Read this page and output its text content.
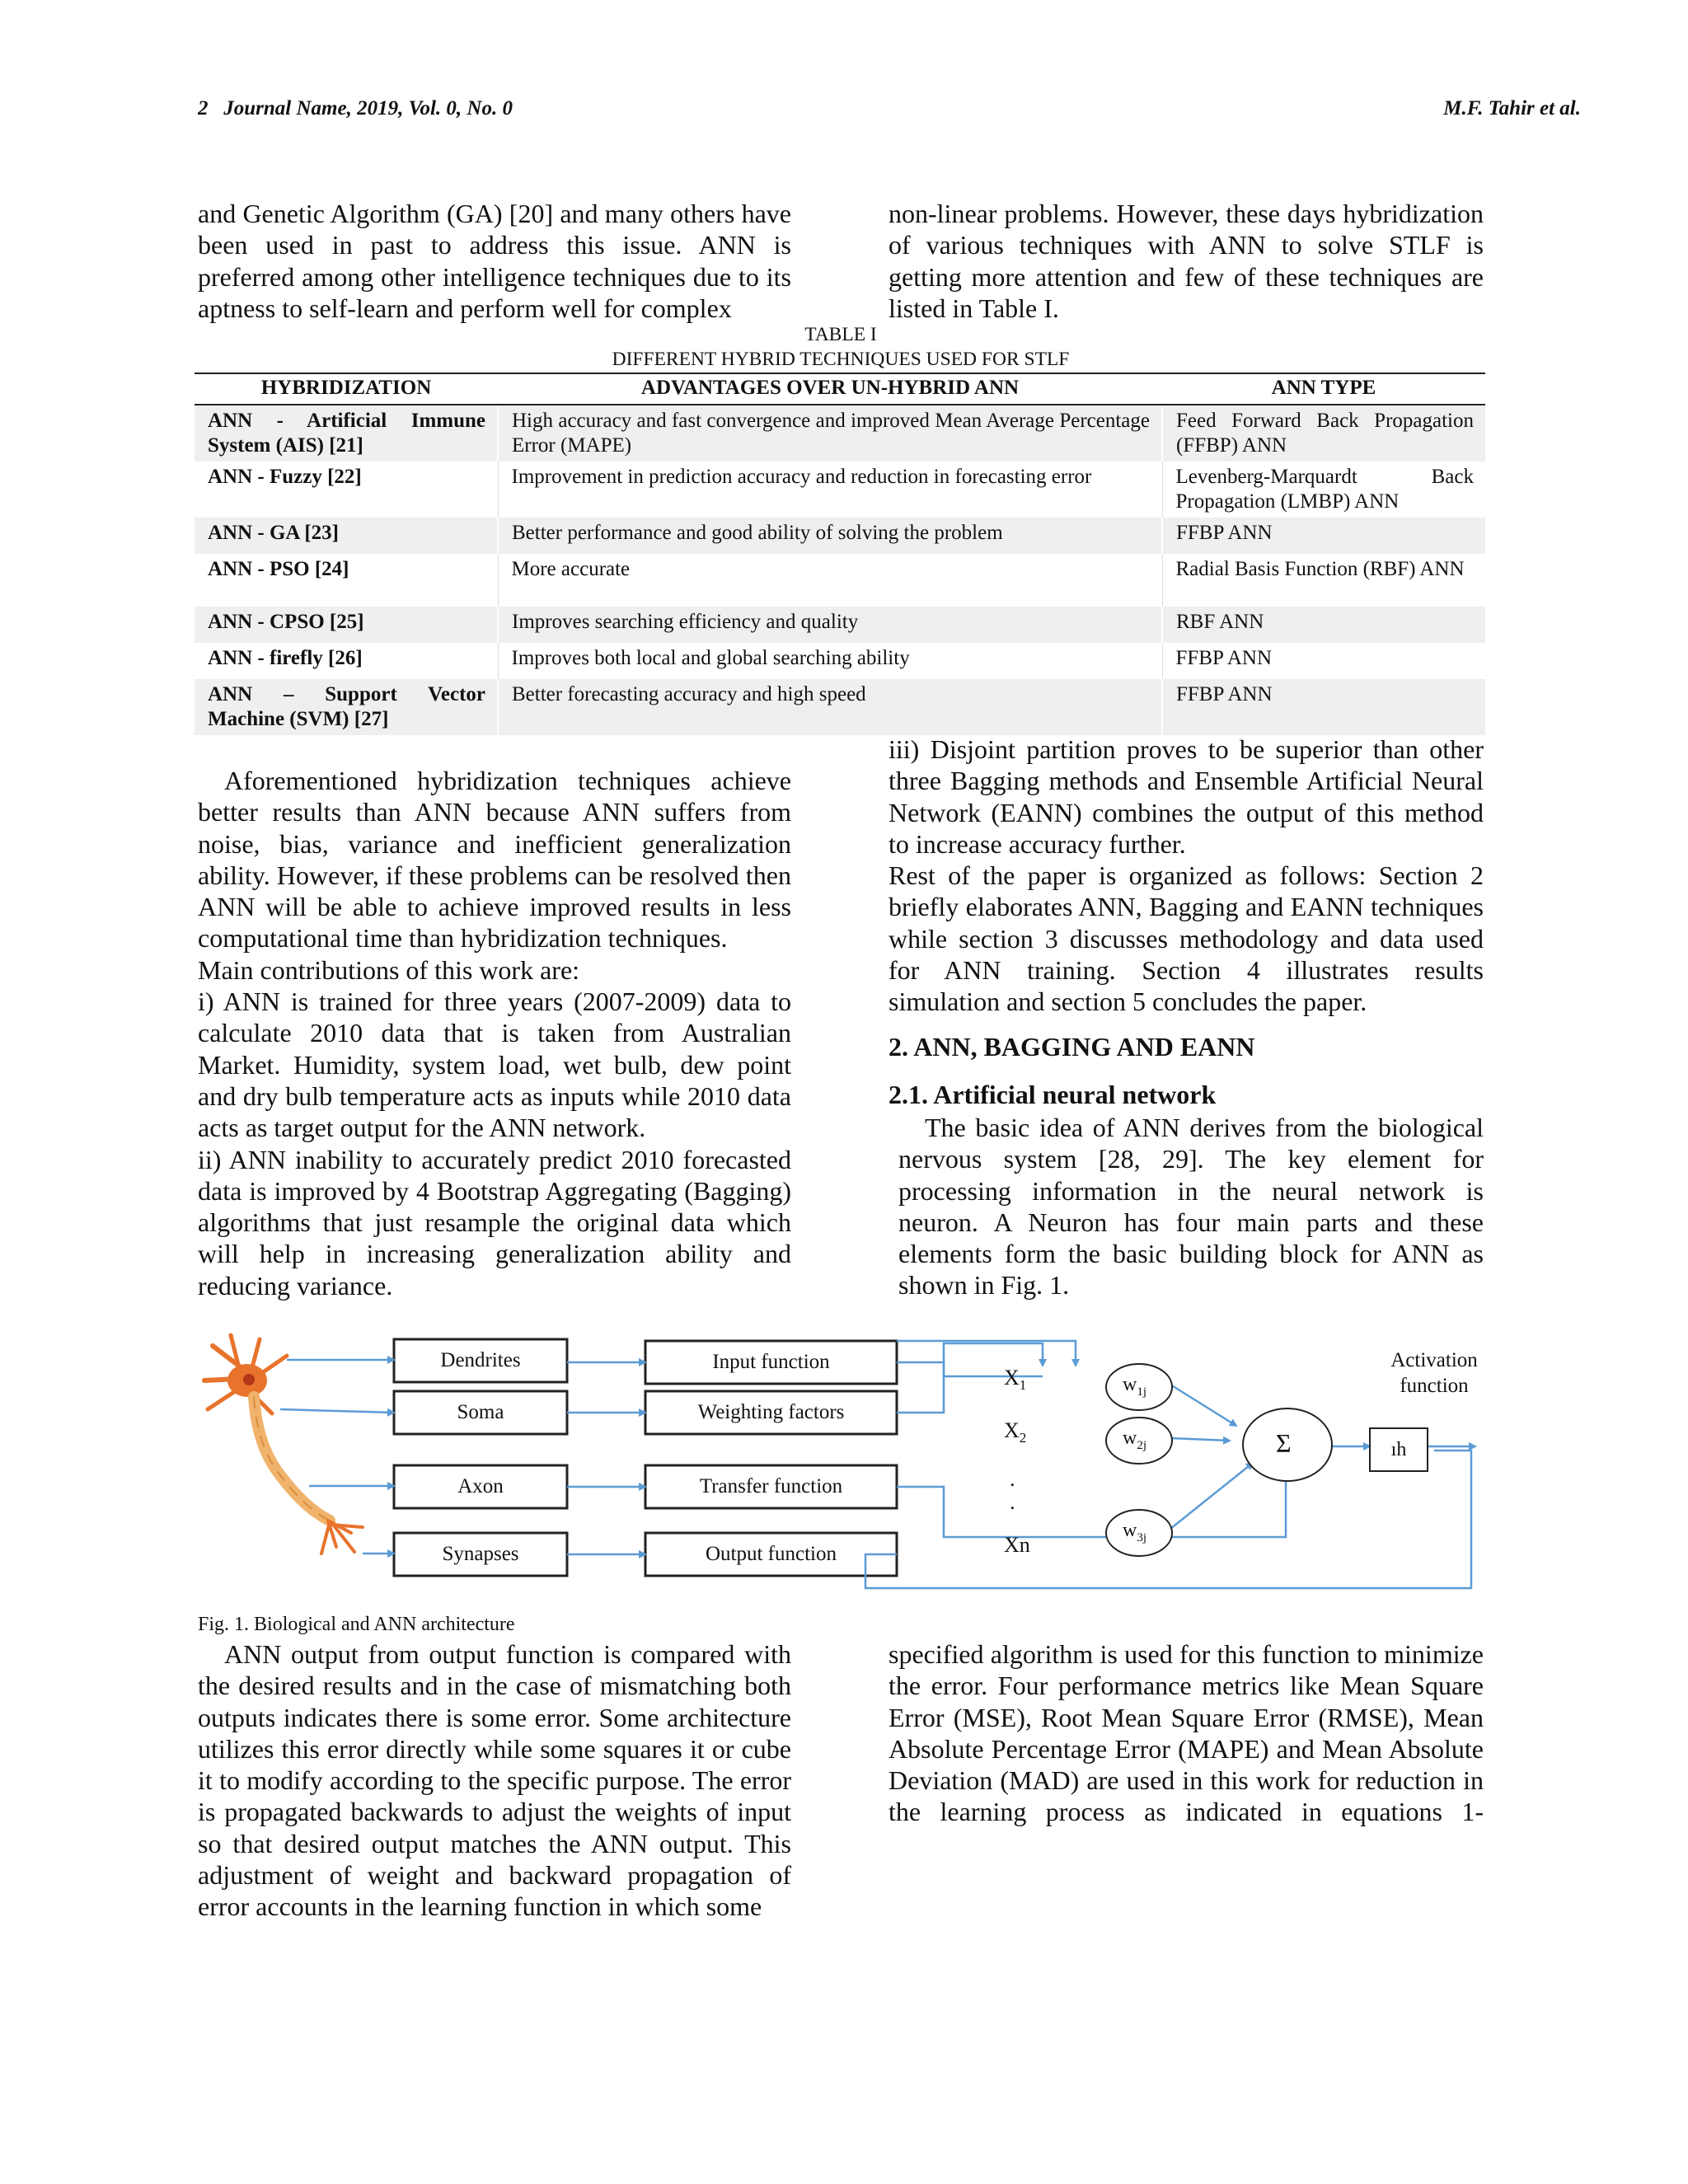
2 Journal Name, 2019, Vol. 0, No. 0	M.F. Tahir et al.

and Genetic Algorithm (GA) [20] and many others have been used in past to address this issue. ANN is preferred among other intelligence techniques due to its aptness to self-learn and perform well for complex

non-linear problems. However, these days hybridization of various techniques with ANN to solve STLF is getting more attention and few of these techniques are listed in Table I.

TABLE I
DIFFERENT HYBRID TECHNIQUES USED FOR STLF
HYBRIDIZATION	ADVANTAGES OVER UN-HYBRID ANN	ANN TYPE
ANN - Artificial Immune System (AIS) [21]	High accuracy and fast convergence and improved Mean Average Percentage Error (MAPE)	Feed Forward Back Propagation (FFBP) ANN
ANN - Fuzzy [22]	Improvement in prediction accuracy and reduction in forecasting error	Levenberg-Marquardt Back Propagation (LMBP) ANN
ANN - GA [23]	Better performance and good ability of solving the problem	FFBP ANN
ANN - PSO [24]	More accurate	Radial Basis Function (RBF) ANN
ANN - CPSO [25]	Improves searching efficiency and quality	RBF ANN
ANN - firefly [26]	Improves both local and global searching ability	FFBP ANN
ANN – Support Vector Machine (SVM) [27]	Better forecasting accuracy and high speed	FFBP ANN

Aforementioned hybridization techniques achieve better results than ANN because ANN suffers from noise, bias, variance and inefficient generalization ability. However, if these problems can be resolved then ANN will be able to achieve improved results in less computational time than hybridization techniques.

Main contributions of this work are:

i) ANN is trained for three years (2007-2009) data to calculate 2010 data that is taken from Australian Market. Humidity, system load, wet bulb, dew point and dry bulb temperature acts as inputs while 2010 data acts as target output for the ANN network.

ii) ANN inability to accurately predict 2010 forecasted data is improved by 4 Bootstrap Aggregating (Bagging) algorithms that just resample the original data which will help in increasing generalization ability and reducing variance.

iii) Disjoint partition proves to be superior than other three Bagging methods and Ensemble Artificial Neural Network (EANN) combines the output of this method to increase accuracy further.

Rest of the paper is organized as follows: Section 2 briefly elaborates ANN, Bagging and EANN techniques while section 3 discusses methodology and data used for ANN training. Section 4 illustrates results simulation and section 5 concludes the paper.

2. ANN, BAGGING AND EANN
2.1. Artificial neural network

The basic idea of ANN derives from the biological nervous system [28, 29]. The key element for processing information in the neural network is neuron. A Neuron has four main parts and these elements form the basic building block for ANN as shown in Fig. 1.

Dendrites
Soma
Axon
Synapses
Input function
Weighting factors
Transfer function
Output function
$X_1$
$X_2$
.
.
Xn
$w_{1j}$
$w_{2j}$
$w_{3j}$
Σ	ıh
Activation
function
Fig. 1. Biological and ANN architecture

ANN output from output function is compared with the desired results and in the case of mismatching both outputs indicates there is some error. Some architecture utilizes this error directly while some squares it or cube it to modify according to the specific purpose. The error is propagated backwards to adjust the weights of input so that desired output matches the ANN output. This adjustment of weight and backward propagation of error accounts in the learning function in which some

specified algorithm is used for this function to minimize the error. Four performance metrics like Mean Square Error (MSE), Root Mean Square Error (RMSE), Mean Absolute Percentage Error (MAPE) and Mean Absolute Deviation (MAD) are used in this work for reduction in the learning process as indicated in equations 1-
